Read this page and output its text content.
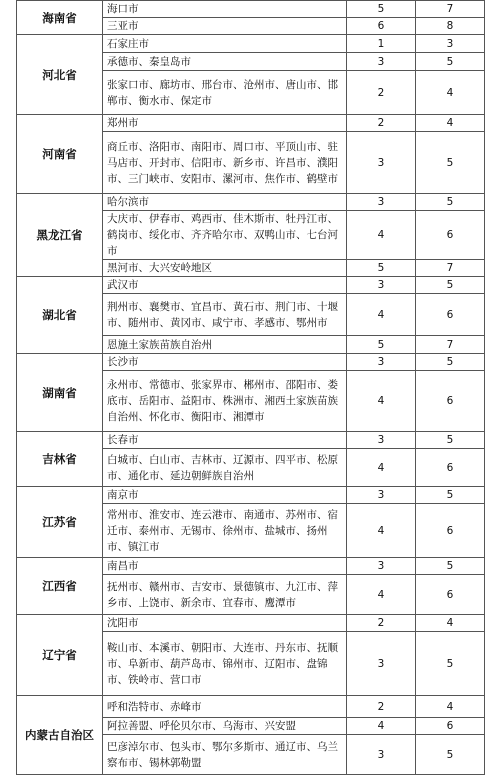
海南省	海口市	5	7
	三亚市	6	8
河北省	石家庄市	1	3
	承德市、秦皇岛市	3	5
	张家口市、廊坊市、邢台市、沧州市、唐山市、邯郸市、衡水市、保定市	2	4
河南省	郑州市	2	4
	商丘市、洛阳市、南阳市、周口市、平顶山市、驻马店市、开封市、信阳市、新乡市、许昌市、濮阳市、三门峡市、安阳市、漯河市、焦作市、鹤壁市	3	5
黑龙江省	哈尔滨市	3	5
	大庆市、伊春市、鸡西市、佳木斯市、牡丹江市、鹤岗市、绥化市、齐齐哈尔市、双鸭山市、七台河市	4	6
	黑河市、大兴安岭地区	5	7
湖北省	武汉市	3	5
	荆州市、襄樊市、宜昌市、黄石市、荆门市、十堰市、随州市、黄冈市、咸宁市、孝感市、鄂州市	4	6
	恩施土家族苗族自治州	5	7
湖南省	长沙市	3	5
	永州市、常德市、张家界市、郴州市、邵阳市、娄底市、岳阳市、益阳市、株洲市、湘西土家族苗族自治州、怀化市、衡阳市、湘潭市	4	6
吉林省	长春市	3	5
	白城市、白山市、吉林市、辽源市、四平市、松原市、通化市、延边朝鲜族自治州	4	6
江苏省	南京市	3	5
	常州市、淮安市、连云港市、南通市、苏州市、宿迁市、泰州市、无锡市、徐州市、盐城市、扬州市、镇江市	4	6
江西省	南昌市	3	5
	抚州市、赣州市、吉安市、景德镇市、九江市、萍乡市、上饶市、新余市、宜春市、鹰潭市	4	6
辽宁省	沈阳市	2	4
	鞍山市、本溪市、朝阳市、大连市、丹东市、抚顺市、阜新市、葫芦岛市、锦州市、辽阳市、盘锦市、铁岭市、营口市	3	5
内蒙古自治区	呼和浩特市、赤峰市	2	4
	阿拉善盟、呼伦贝尔市、乌海市、兴安盟	4	6
	巴彦淖尔市、包头市、鄂尔多斯市、通辽市、乌兰察布市、锡林郭勒盟	3	5
